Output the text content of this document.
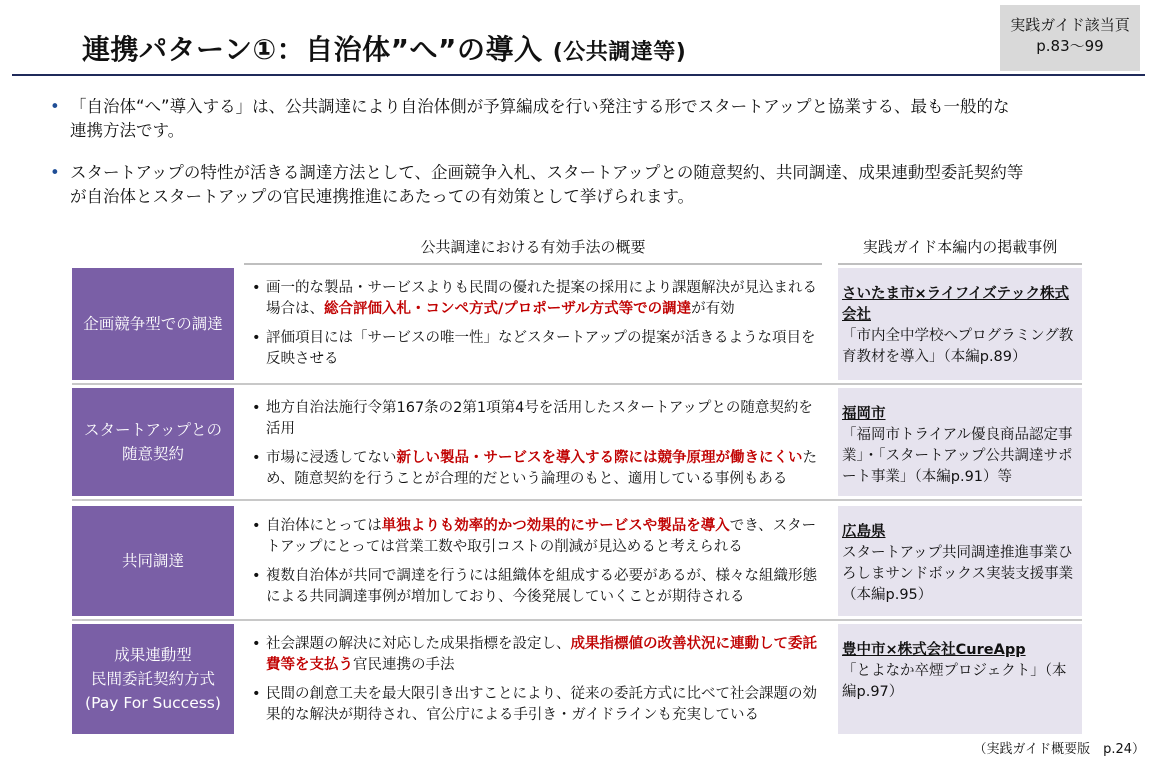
連携パターン①：自治体”へ”の導入 (公共調達等)
実践ガイド該当頁
p.83～99
• 「自治体“へ”導入する」は、公共調達により自治体側が予算編成を行い発注する形でスタートアップと協業する、最も一般的な
連携方法です。
• スタートアップの特性が活きる調達方法として、企画競争入札、スタートアップとの随意契約、共同調達、成果連動型委託契約等
が自治体とスタートアップの官民連携推進にあたっての有効策として挙げられます。
公共調達における有効手法の概要	実践ガイド本編内の掲載事例
企画競争型での調達
• 画一的な製品・サービスよりも民間の優れた提案の採用により課題解決が見込まれる場合は、総合評価入札・コンペ方式/プロポーザル方式等での調達が有効
• 評価項目には「サービスの唯一性」などスタートアップの提案が活きるような項目を反映させる
さいたま市×ライフイズテック株式会社
「市内全中学校へプログラミング教育教材を導入」（本編p.89）
スタートアップとの
随意契約
• 地方自治法施行令第167条の2第1項第4号を活用したスタートアップとの随意契約を活用
• 市場に浸透してない新しい製品・サービスを導入する際には競争原理が働きにくいため、随意契約を行うことが合理的だという論理のもと、適用している事例もある
福岡市
「福岡市トライアル優良商品認定事業」・「スタートアップ公共調達サポート事業」（本編p.91）等
共同調達
• 自治体にとっては単独よりも効率的かつ効果的にサービスや製品を導入でき、スタートアップにとっては営業工数や取引コストの削減が見込めると考えられる
• 複数自治体が共同で調達を行うには組織体を組成する必要があるが、様々な組織形態による共同調達事例が増加しており、今後発展していくことが期待される
広島県
スタートアップ共同調達推進事業ひろしまサンドボックス実装支援事業（本編p.95）
成果連動型
民間委託契約方式
(Pay For Success)
• 社会課題の解決に対応した成果指標を設定し、成果指標値の改善状況に連動して委託費等を支払う官民連携の手法
• 民間の創意工夫を最大限引き出すことにより、従来の委託方式に比べて社会課題の効果的な解決が期待され、官公庁による手引き・ガイドラインも充実している
豊中市×株式会社CureApp
「とよなか卒煙プロジェクト」（本編p.97）
（実践ガイド概要版　p.24）
